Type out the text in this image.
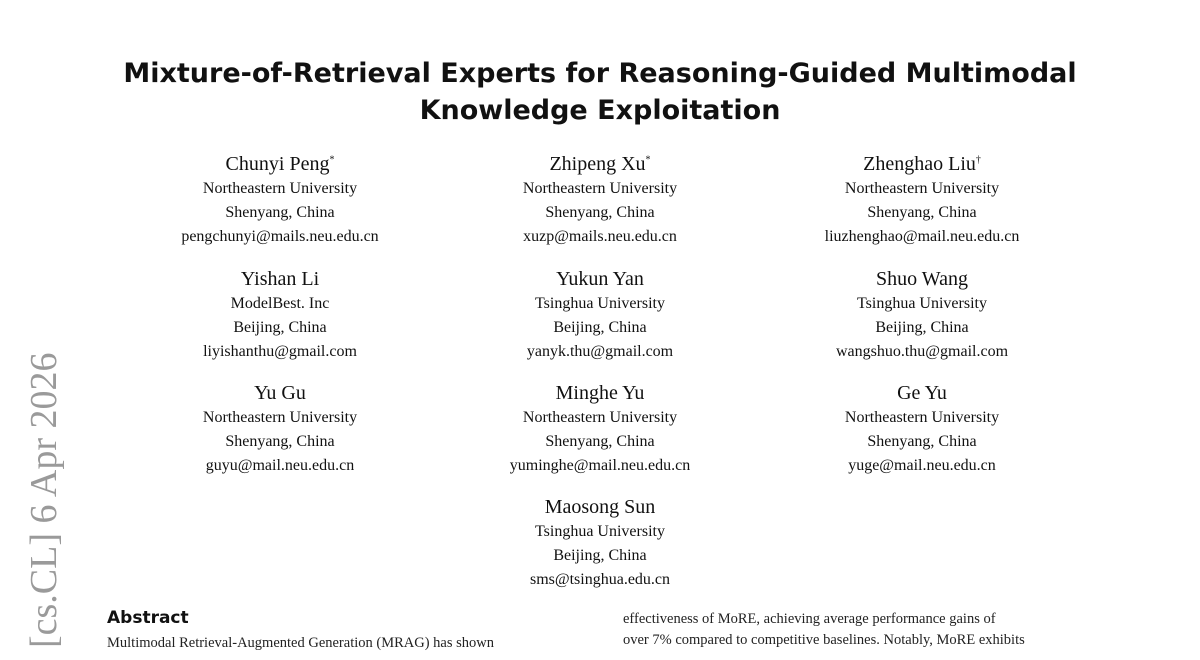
Mixture-of-Retrieval Experts for Reasoning-Guided Multimodal Knowledge Exploitation
Chunyi Peng*
Northeastern University
Shenyang, China
pengchunyi@mails.neu.edu.cn
Zhipeng Xu*
Northeastern University
Shenyang, China
xuzp@mails.neu.edu.cn
Zhenghao Liu†
Northeastern University
Shenyang, China
liuzhenghao@mail.neu.edu.cn
Yishan Li
ModelBest. Inc
Beijing, China
liyishanthu@gmail.com
Yukun Yan
Tsinghua University
Beijing, China
yanyk.thu@gmail.com
Shuo Wang
Tsinghua University
Beijing, China
wangshuo.thu@gmail.com
Yu Gu
Northeastern University
Shenyang, China
guyu@mail.neu.edu.cn
Minghe Yu
Northeastern University
Shenyang, China
yuminghe@mail.neu.edu.cn
Ge Yu
Northeastern University
Shenyang, China
yuge@mail.neu.edu.cn
Maosong Sun
Tsinghua University
Beijing, China
sms@tsinghua.edu.cn
[cs.CL] 6 Apr 2026 Abstract
Multimodal Retrieval-Augmented Generation (MRAG) has shown
effectiveness of MoRE, achieving average performance gains of
over 7% compared to competitive baselines. Notably, MoRE exhibits
